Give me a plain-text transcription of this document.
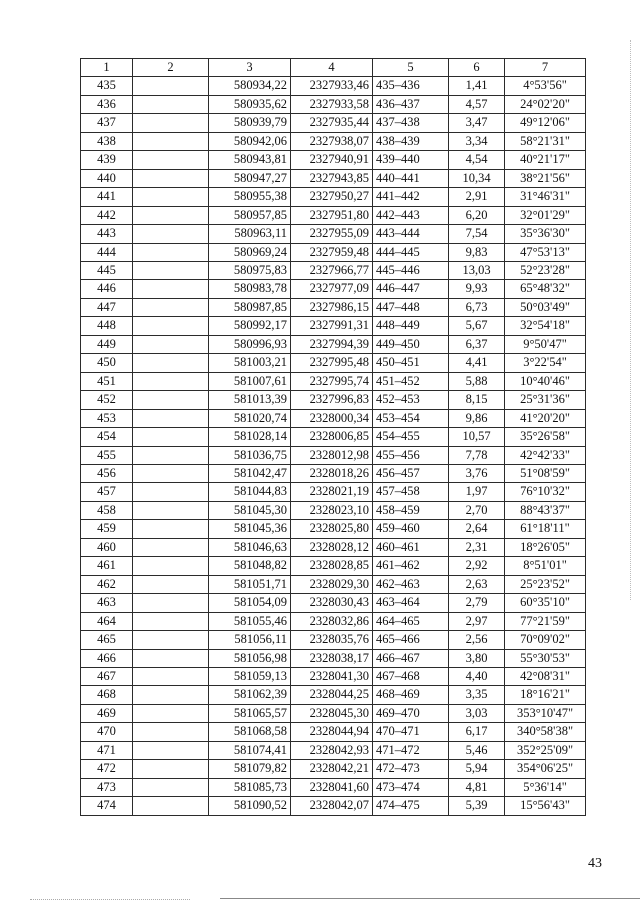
1	2	3	4	5	6	7
435		580934,22	2327933,46	435–436	1,41	4°53'56"
436		580935,62	2327933,58	436–437	4,57	24°02'20"
437		580939,79	2327935,44	437–438	3,47	49°12'06"
438		580942,06	2327938,07	438–439	3,34	58°21'31"
439		580943,81	2327940,91	439–440	4,54	40°21'17"
440		580947,27	2327943,85	440–441	10,34	38°21'56"
441		580955,38	2327950,27	441–442	2,91	31°46'31"
442		580957,85	2327951,80	442–443	6,20	32°01'29"
443		580963,11	2327955,09	443–444	7,54	35°36'30"
444		580969,24	2327959,48	444–445	9,83	47°53'13"
445		580975,83	2327966,77	445–446	13,03	52°23'28"
446		580983,78	2327977,09	446–447	9,93	65°48'32"
447		580987,85	2327986,15	447–448	6,73	50°03'49"
448		580992,17	2327991,31	448–449	5,67	32°54'18"
449		580996,93	2327994,39	449–450	6,37	9°50'47"
450		581003,21	2327995,48	450–451	4,41	3°22'54"
451		581007,61	2327995,74	451–452	5,88	10°40'46"
452		581013,39	2327996,83	452–453	8,15	25°31'36"
453		581020,74	2328000,34	453–454	9,86	41°20'20"
454		581028,14	2328006,85	454–455	10,57	35°26'58"
455		581036,75	2328012,98	455–456	7,78	42°42'33"
456		581042,47	2328018,26	456–457	3,76	51°08'59"
457		581044,83	2328021,19	457–458	1,97	76°10'32"
458		581045,30	2328023,10	458–459	2,70	88°43'37"
459		581045,36	2328025,80	459–460	2,64	61°18'11"
460		581046,63	2328028,12	460–461	2,31	18°26'05"
461		581048,82	2328028,85	461–462	2,92	8°51'01"
462		581051,71	2328029,30	462–463	2,63	25°23'52"
463		581054,09	2328030,43	463–464	2,79	60°35'10"
464		581055,46	2328032,86	464–465	2,97	77°21'59"
465		581056,11	2328035,76	465–466	2,56	70°09'02"
466		581056,98	2328038,17	466–467	3,80	55°30'53"
467		581059,13	2328041,30	467–468	4,40	42°08'31"
468		581062,39	2328044,25	468–469	3,35	18°16'21"
469		581065,57	2328045,30	469–470	3,03	353°10'47"
470		581068,58	2328044,94	470–471	6,17	340°58'38"
471		581074,41	2328042,93	471–472	5,46	352°25'09"
472		581079,82	2328042,21	472–473	5,94	354°06'25"
473		581085,73	2328041,60	473–474	4,81	5°36'14"
474		581090,52	2328042,07	474–475	5,39	15°56'43"
43
